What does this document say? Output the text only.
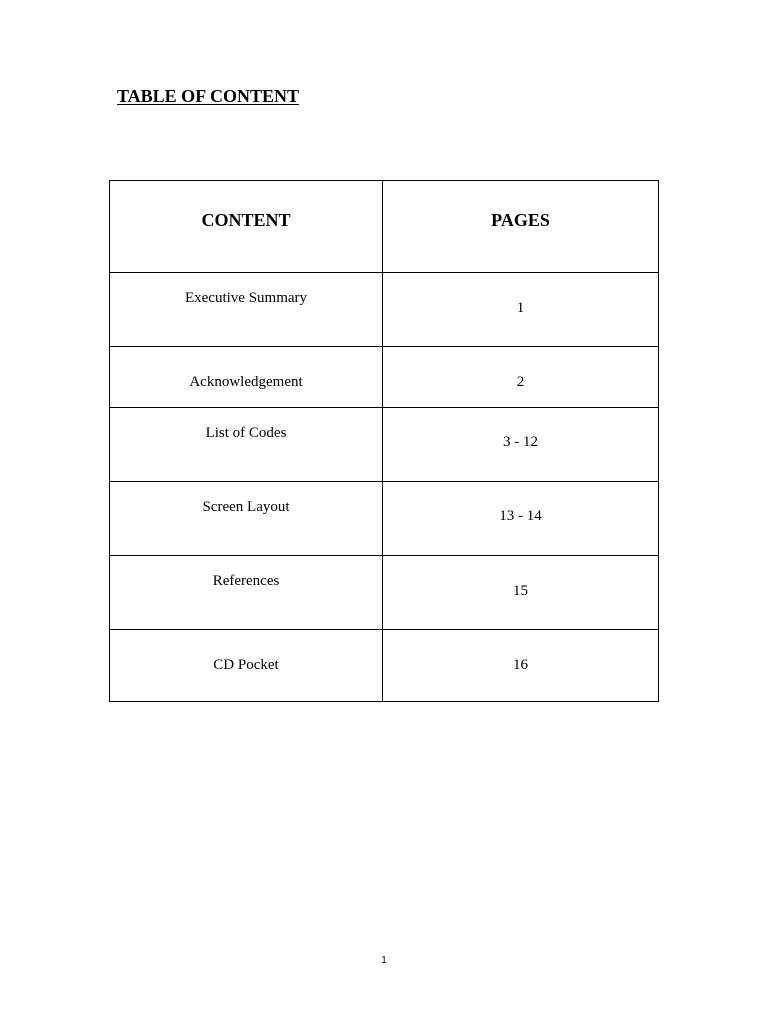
TABLE OF CONTENT
CONTENT	PAGES

Executive Summary	1

Acknowledgement	2

List of Codes	3 - 12

Screen Layout	13 - 14

References	15

CD Pocket	16
1
